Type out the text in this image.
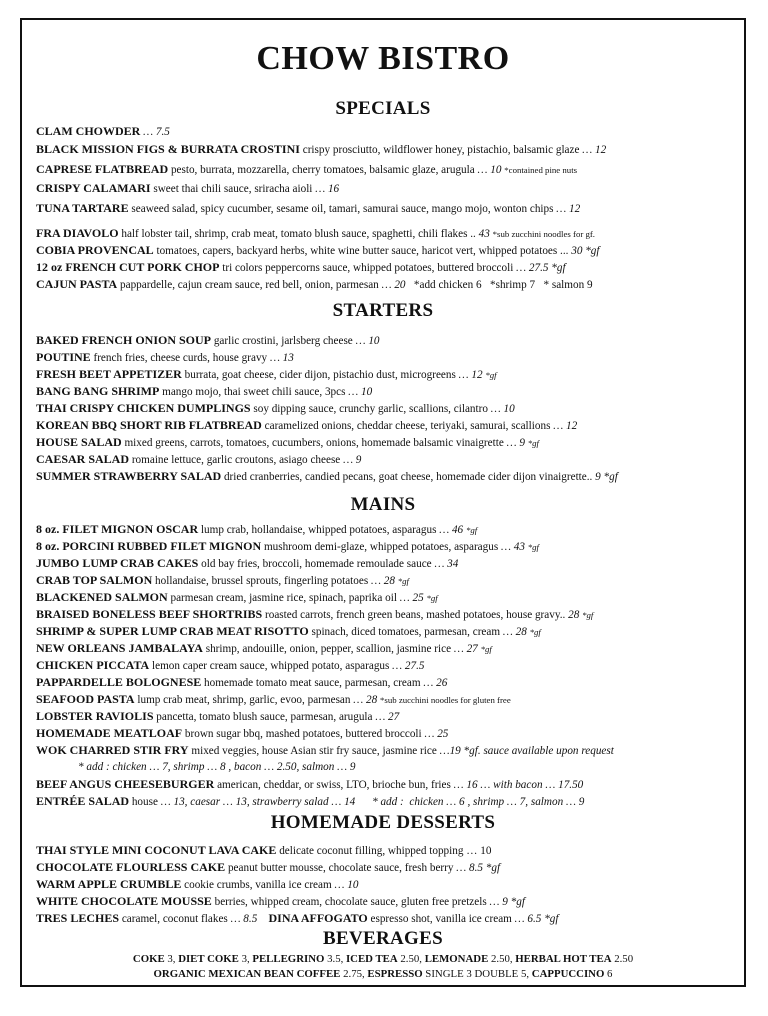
CHOW BISTRO
SPECIALS
CLAM CHOWDER … 7.5
BLACK MISSION FIGS & BURRATA CROSTINI crispy prosciutto, wildflower honey, pistachio, balsamic glaze … 12
CAPRESE FLATBREAD pesto, burrata, mozzarella, cherry tomatoes, balsamic glaze, arugula … 10 *contained pine nuts
CRISPY CALAMARI sweet thai chili sauce, sriracha aioli … 16
TUNA TARTARE seaweed salad, spicy cucumber, sesame oil, tamari, samurai sauce, mango mojo, wonton chips … 12
FRA DIAVOLO half lobster tail, shrimp, crab meat, tomato blush sauce, spaghetti, chili flakes .. 43 *sub zucchini noodles for gf.
COBIA PROVENCAL tomatoes, capers, backyard herbs, white wine butter sauce, haricot vert, whipped potatoes ... 30 *gf
12 oz FRENCH CUT PORK CHOP tri colors peppercorns sauce, whipped potatoes, buttered broccoli … 27.5 *gf
CAJUN PASTA pappardelle, cajun cream sauce, red bell, onion, parmesan … 20   *add chicken 6   *shrimp 7   * salmon 9
STARTERS
BAKED FRENCH ONION SOUP garlic crostini, jarlsberg cheese … 10
POUTINE french fries, cheese curds, house gravy … 13
FRESH BEET APPETIZER burrata, goat cheese, cider dijon, pistachio dust, microgreens … 12 *gf
BANG BANG SHRIMP mango mojo, thai sweet chili sauce, 3pcs … 10
THAI CRISPY CHICKEN DUMPLINGS soy dipping sauce, crunchy garlic, scallions, cilantro … 10
KOREAN BBQ SHORT RIB FLATBREAD caramelized onions, cheddar cheese, teriyaki, samurai, scallions … 12
HOUSE SALAD mixed greens, carrots, tomatoes, cucumbers, onions, homemade balsamic vinaigrette … 9 *gf
CAESAR SALAD romaine lettuce, garlic croutons, asiago cheese … 9
SUMMER STRAWBERRY SALAD dried cranberries, candied pecans, goat cheese, homemade cider dijon vinaigrette.. 9 *gf
MAINS
8 oz. FILET MIGNON OSCAR lump crab, hollandaise, whipped potatoes, asparagus … 46 *gf
8 oz. PORCINI RUBBED FILET MIGNON mushroom demi-glaze, whipped potatoes, asparagus … 43 *gf
JUMBO LUMP CRAB CAKES old bay fries, broccoli, homemade remoulade sauce … 34
CRAB TOP SALMON hollandaise, brussel sprouts, fingerling potatoes … 28 *gf
BLACKENED SALMON parmesan cream, jasmine rice, spinach, paprika oil … 25 *gf
BRAISED BONELESS BEEF SHORTRIBS roasted carrots, french green beans, mashed potatoes, house gravy.. 28 *gf
SHRIMP & SUPER LUMP CRAB MEAT RISOTTO spinach, diced tomatoes, parmesan, cream … 28 *gf
NEW ORLEANS JAMBALAYA shrimp, andouille, onion, pepper, scallion, jasmine rice … 27 *gf
CHICKEN PICCATA lemon caper cream sauce, whipped potato, asparagus … 27.5
PAPPARDELLE BOLOGNESE homemade tomato meat sauce, parmesan, cream … 26
SEAFOOD PASTA lump crab meat, shrimp, garlic, evoo, parmesan … 28 *sub zucchini noodles for gluten free
LOBSTER RAVIOLIS pancetta, tomato blush sauce, parmesan, arugula … 27
HOMEMADE MEATLOAF brown sugar bbq, mashed potatoes, buttered broccoli … 25
WOK CHARRED STIR FRY mixed veggies, house Asian stir fry sauce, jasmine rice …19 *gf. sauce available upon request
* add : chicken … 7, shrimp … 8 , bacon … 2.50, salmon … 9
BEEF ANGUS CHEESEBURGER american, cheddar, or swiss, LTO, brioche bun, fries … 16 … with bacon … 17.50
ENTRÉE SALAD house … 13, caesar … 13, strawberry salad … 14      * add :  chicken … 6 , shrimp … 7, salmon … 9
HOMEMADE DESSERTS
THAI STYLE MINI COCONUT LAVA CAKE delicate coconut filling, whipped topping … 10
CHOCOLATE FLOURLESS CAKE peanut butter mousse, chocolate sauce, fresh berry … 8.5 *gf
WARM APPLE CRUMBLE cookie crumbs, vanilla ice cream … 10
WHITE CHOCOLATE MOUSSE berries, whipped cream, chocolate sauce, gluten free pretzels … 9 *gf
TRES LECHES caramel, coconut flakes … 8.5 DINA AFFOGATO espresso shot, vanilla ice cream … 6.5 *gf
BEVERAGES
COKE 3, DIET COKE 3, PELLEGRINO 3.5, ICED TEA 2.50, LEMONADE 2.50, HERBAL HOT TEA 2.50
ORGANIC MEXICAN BEAN COFFEE 2.75, ESPRESSO SINGLE 3 DOUBLE 5, CAPPUCCINO 6
